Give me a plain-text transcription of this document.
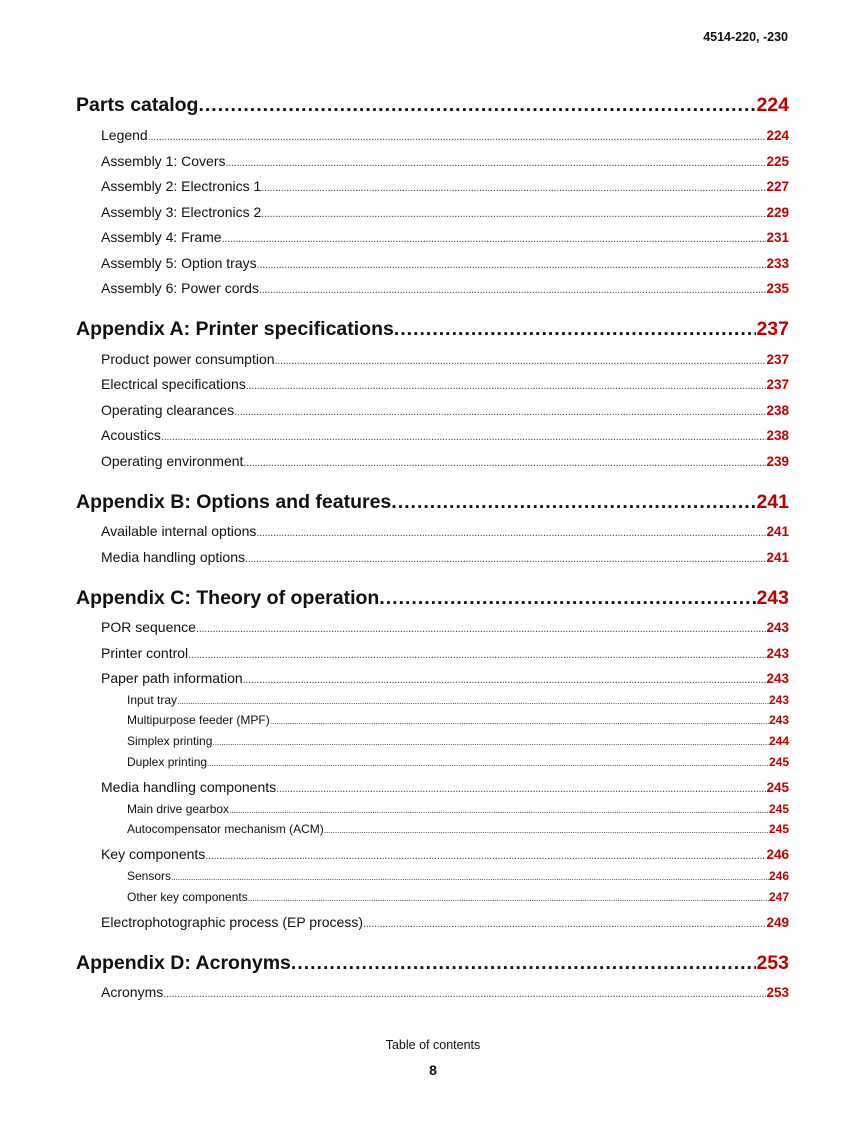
4514-220, -230
Parts catalog .....	224
Legend .....	224
Assembly 1: Covers .....	225
Assembly 2: Electronics 1 .....	227
Assembly 3: Electronics 2 .....	229
Assembly 4: Frame .....	231
Assembly 5: Option trays .....	233
Assembly 6: Power cords .....	235
Appendix A: Printer specifications .....	237
Product power consumption .....	237
Electrical specifications .....	237
Operating clearances .....	238
Acoustics .....	238
Operating environment .....	239
Appendix B: Options and features .....	241
Available internal options .....	241
Media handling options .....	241
Appendix C: Theory of operation .....	243
POR sequence .....	243
Printer control .....	243
Paper path information .....	243
Input tray .....	243
Multipurpose feeder (MPF) .....	243
Simplex printing .....	244
Duplex printing .....	245
Media handling components .....	245
Main drive gearbox .....	245
Autocompensator mechanism (ACM) .....	245
Key components .....	246
Sensors .....	246
Other key components .....	247
Electrophotographic process (EP process) .....	249
Appendix D: Acronyms .....	253
Acronyms .....	253
Table of contents
8
